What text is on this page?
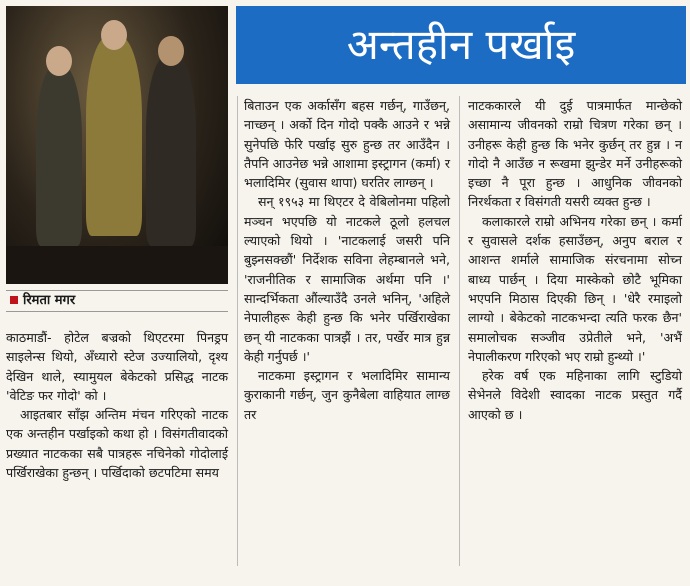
रिमता मगर
अन्तहीन पर्खाइ

काठमाडौं- होटेल बज्रको थिएटरमा पिनड्रप साइलेन्स थियो, अँध्यारो स्टेज उज्यालियो, दृश्य देखिन थाले, स्यामुयल बेकेटको प्रसिद्ध नाटक 'वेटिङ फर गोदो' को ।

आइतबार साँझ अन्तिम मंचन गरिएको नाटक एक अन्तहीन पर्खाइको कथा हो । विसंगतीवादको प्रख्यात नाटकका सबै पात्रहरू नचिनेको गोदोलाई पर्खिराखेका हुन्छन् । पर्खिदाको छटपटिमा समय

बिताउन एक अर्कासँग बहस गर्छन्, गाउँछन्, नाच्छन् । अर्को दिन गोदो पक्कै आउने र भन्ने सुनेपछि फेरि पर्खाइ सुरु हुन्छ तर आउँदैन । तैपनि आउनेछ भन्ने आशामा इस्ट्रागन (कर्मा) र भलादिमिर (सुवास थापा) घरतिर लाग्छन् ।

सन् १९५३ मा थिएटर दे वेबिलोनमा पहिलो मञ्चन भएपछि यो नाटकले ठूलो हलचल ल्याएको थियो । 'नाटकलाई जसरी पनि बुझ्नसक्छौं' निर्देशक सविना लेहम्बानले भने, 'राजनीतिक र सामाजिक अर्थमा पनि ।' सान्दर्भिकता औंल्याउँदै उनले भनिन्, 'अहिले नेपालीहरू केही हुन्छ कि भनेर पर्खिराखेका छन् यी नाटकका पात्रझैं । तर, पर्खेर मात्र हुन्न केही गर्नुपर्छ ।'

नाटकमा इस्ट्रागन र भलादिमिर सामान्य कुराकानी गर्छन्, जुन कुनैबेला वाहियात लाग्छ तर

नाटककारले यी दुई पात्रमार्फत मान्छेको असामान्य जीवनको राम्रो चित्रण गरेका छन् । उनीहरू केही हुन्छ कि भनेर कुर्छन् तर हुन्न । न गोदो नै आउँछ न रूखमा झुन्डेर मर्ने उनीहरूको इच्छा नै पूरा हुन्छ । आधुनिक जीवनको निरर्थकता र विसंगती यसरी व्यक्त हुन्छ ।

कलाकारले राम्रो अभिनय गरेका छन् । कर्मा र सुवासले दर्शक हसाउँछन्, अनुप बराल र आशन्त शर्माले सामाजिक संरचनामा सोच्न बाध्य पार्छन् । दिया मास्केको छोटै भूमिका भएपनि मिठास दिएकी छिन् । 'धेरै रमाइलो लाग्यो । बेकेटको नाटकभन्दा त्यति फरक छैन' समालोचक सञ्जीव उप्रेतीले भने, 'अभैं नेपालीकरण गरिएको भए राम्रो हुन्थ्यो ।'

हरेक वर्ष एक महिनाका लागि स्टुडियो सेभेनले विदेशी स्वादका नाटक प्रस्तुत गर्दै आएको छ ।
